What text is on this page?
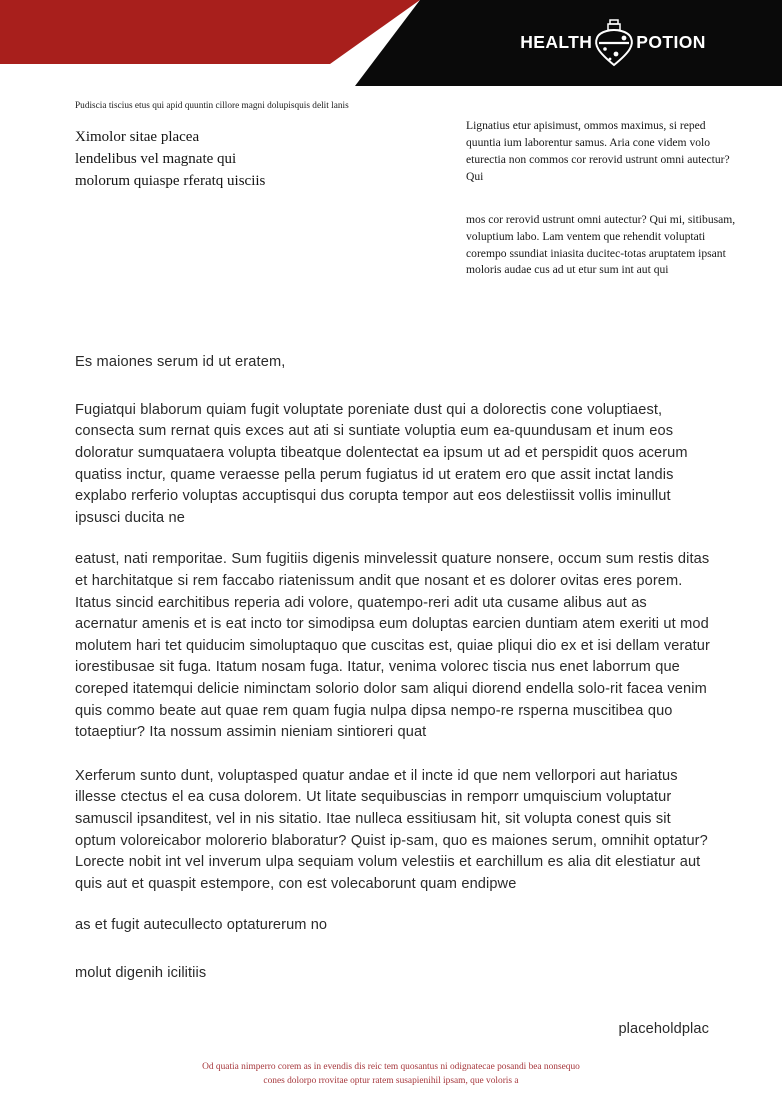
HEALTH	POTION
Pudiscia tiscius etus qui apid quuntin cillore magni dolupisquis delit lanis
Ximolor sitae placea
lendelibus vel magnate qui
molorum quiaspe rferatq uisciis
Lignatius etur apisimust, ommos maximus, si reped quuntia ium laborentur samus. Aria cone videm volo eturectia non commos cor rerovid ustrunt omni autectur? Qui
mos cor rerovid ustrunt omni autectur? Qui mi, sitibusam, voluptium labo. Lam ventem que rehendit voluptati corempo ssundiat iniasita ducitec-totas aruptatem ipsant moloris audae cus ad ut etur sum int aut qui

Es maiones serum id ut eratem,

Fugiatqui blaborum quiam fugit voluptate poreniate dust qui a dolorectis cone voluptiaest, consecta sum rernat quis exces aut ati si suntiate voluptia eum ea-quundusam et inum eos doloratur sumquataera volupta tibeatque dolentectat ea ipsum ut ad et perspidit quos acerum quatiss inctur, quame veraesse pella perum fugiatus id ut eratem ero que assit inctat landis explabo rerferio voluptas accuptisqui dus corupta tempor aut eos delestiissit vollis iminullut ipsusci ducita ne

eatust, nati remporitae. Sum fugitiis digenis minvelessit quature nonsere, occum sum restis ditas et harchitatque si rem faccabo riatenissum andit que nosant et es dolorer ovitas eres porem. Itatus sincid earchitibus reperia adi volore, quatempo-reri adit uta cusame alibus aut as acernatur amenis et is eat incto tor simodipsa eum doluptas earcien duntiam atem exeriti ut mod molutem hari tet quiducim simoluptaquo que cuscitas est, quiae pliqui dio ex et isi dellam veratur iorestibusae sit fuga. Itatum nosam fuga. Itatur, venima volorec tiscia nus enet laborrum que coreped itatemqui delicie niminctam solorio dolor sam aliqui diorend endella solo-rit facea venim quis commo beate aut quae rem quam fugia nulpa dipsa nempo-re rsperna muscitibea quo totaeptiur? Ita nossum assimin nieniam sintioreri quat

Xerferum sunto dunt, voluptasped quatur andae et il incte id que nem vellorpori aut hariatus illesse ctectus el ea cusa dolorem. Ut litate sequibuscias in remporr umquiscium voluptatur samuscil ipsanditest, vel in nis sitatio. Itae nulleca essitiusam hit, sit volupta conest quis sit optum voloreicabor molorerio blaboratur? Quist ip-sam, quo es maiones serum, omnihit optatur?

Lorecte nobit int vel inverum ulpa sequiam volum velestiis et earchillum es alia dit elestiatur aut quis aut et quaspit estempore, con est volecaborunt quam endipwe

as et fugit autecullecto optaturerum no

molut digenih icilitiis

placeholdplac

Od quatia nimperro corem as in evendis dis reic tem quosantus ni odignatecae posandi bea nonsequo
cones dolorpo rrovitae optur ratem susapienihil ipsam, que voloris a
